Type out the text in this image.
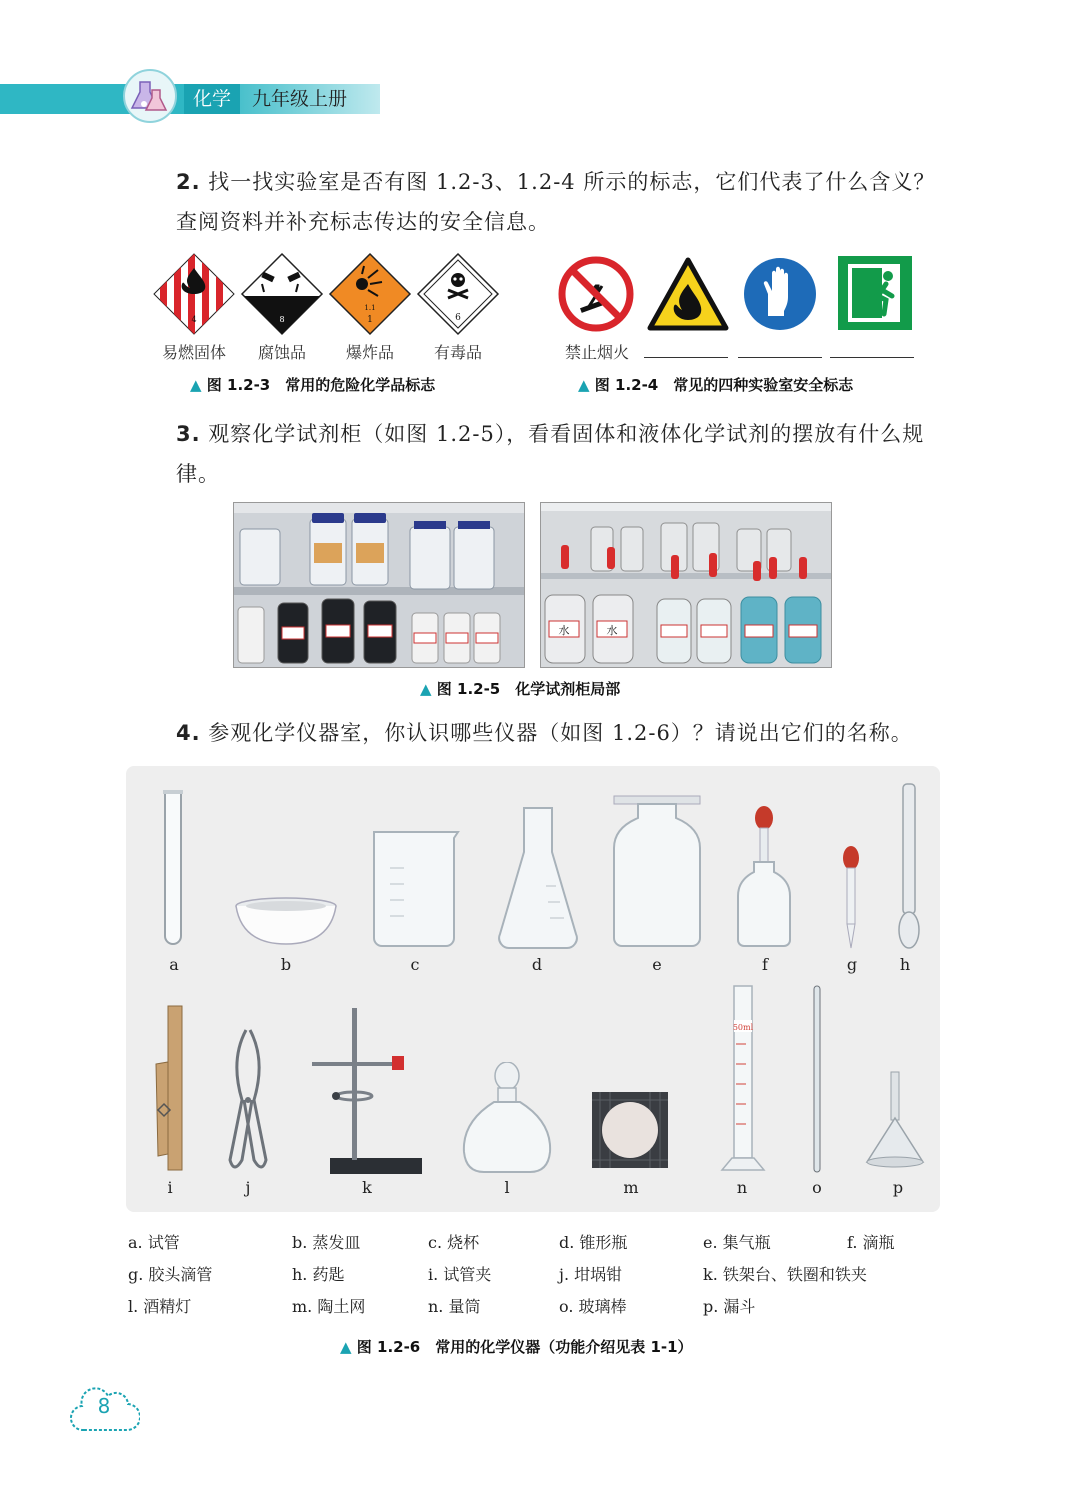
化学	九年级上册
2. 找一找实验室是否有图 1.2-3、1.2-4 所示的标志，它们代表了什么含义？查阅资料并补充标志传达的安全信息。
4	8
1.1
1	6
易燃固体	腐蚀品	爆炸品	有毒品
▲ 图 1.2-3　常用的危险化学品标志
禁止烟火
▲ 图 1.2-4　常见的四种实验室安全标志
3. 观察化学试剂柜（如图 1.2-5），看看固体和液体化学试剂的摆放有什么规律。
水	水
▲ 图 1.2-5　化学试剂柜局部
4. 参观化学仪器室，你认识哪些仪器（如图 1.2-6）？请说出它们的名称。
a	b	c	d	e	f	g	h
50ml
i	j	k	l	m	n	o	p
a. 试管	b. 蒸发皿	c. 烧杯	d. 锥形瓶	e. 集气瓶	f. 滴瓶
g. 胶头滴管	h. 药匙	i. 试管夹	j. 坩埚钳	k. 铁架台、铁圈和铁夹
l. 酒精灯	m. 陶土网	n. 量筒	o. 玻璃棒	p. 漏斗
▲ 图 1.2-6　常用的化学仪器（功能介绍见表 1-1）
8
